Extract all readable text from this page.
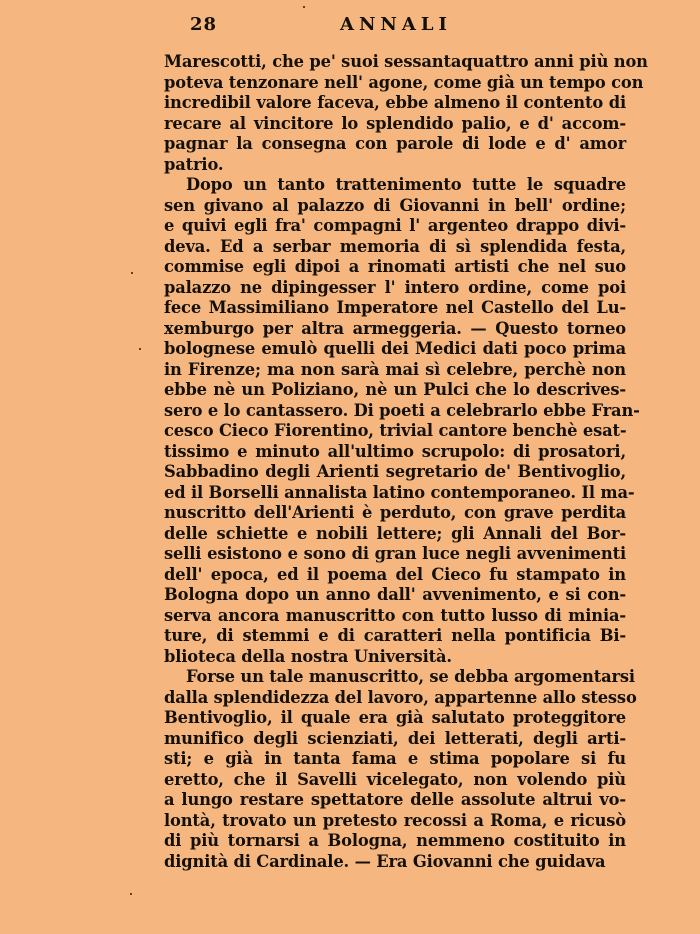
28	ANNALI
Marescotti, che pe' suoi sessantaquattro anni più non
poteva tenzonare nell' agone, come già un tempo con
incredibil valore faceva, ebbe almeno il contento di
recare al vincitore lo splendido palio, e d' accom-
pagnar la consegna con parole di lode e d' amor
patrio.
Dopo un tanto trattenimento tutte le squadre
sen givano al palazzo di Giovanni in bell' ordine;
e quivi egli fra' compagni l' argenteo drappo divi-
deva. Ed a serbar memoria di sì splendida festa,
commise egli dipoi a rinomati artisti che nel suo
palazzo ne dipingesser l' intero ordine, come poi
fece Massimiliano Imperatore nel Castello del Lu-
xemburgo per altra armeggeria. — Questo torneo
bolognese emulò quelli dei Medici dati poco prima
in Firenze; ma non sarà mai sì celebre, perchè non
ebbe nè un Poliziano, nè un Pulci che lo descrives-
sero e lo cantassero. Di poeti a celebrarlo ebbe Fran-
cesco Cieco Fiorentino, trivial cantore benchè esat-
tissimo e minuto all'ultimo scrupolo: di prosatori,
Sabbadino degli Arienti segretario de' Bentivoglio,
ed il Borselli annalista latino contemporaneo. Il ma-
nuscritto dell'Arienti è perduto, con grave perdita
delle schiette e nobili lettere; gli Annali del Bor-
selli esistono e sono di gran luce negli avvenimenti
dell' epoca, ed il poema del Cieco fu stampato in
Bologna dopo un anno dall' avvenimento, e si con-
serva ancora manuscritto con tutto lusso di minia-
ture, di stemmi e di caratteri nella pontificia Bi-
blioteca della nostra Università.
Forse un tale manuscritto, se debba argomentarsi
dalla splendidezza del lavoro, appartenne allo stesso
Bentivoglio, il quale era già salutato proteggitore
munifico degli scienziati, dei letterati, degli arti-
sti; e già in tanta fama e stima popolare si fu
eretto, che il Savelli vicelegato, non volendo più
a lungo restare spettatore delle assolute altrui vo-
lontà, trovato un pretesto recossi a Roma, e ricusò
di più tornarsi a Bologna, nemmeno costituito in
dignità di Cardinale. — Era Giovanni che guidava
